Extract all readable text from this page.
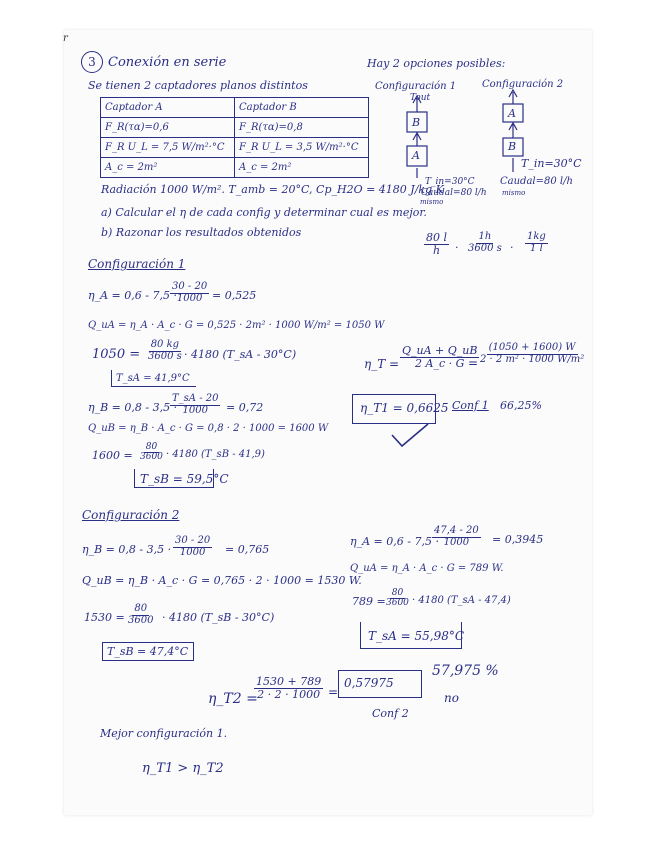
r
3 Conexión en serie
Se tienen 2 captadores planos distintos
Hay 2 opciones posibles:
Configuración 1	Configuración 2
Captador A	Captador B
F_R(τα)=0,6	F_R(τα)=0,8
F_R U_L = 7,5 W/m²·°C	F_R U_L = 3,5 W/m²·°C
A_c = 2m²	A_c = 2m²
Tout
B
A
T_in=30°C
Caudal=80 l/h
mismo
A
B
T_in=30°C
Caudal=80 l/h
mismo
Radiación 1000 W/m². T_amb = 20°C, Cp_H2O = 4180 J/kg K
a) Calcular el η de cada config y determinar cual es mejor.
b) Razonar los resultados obtenidos	$\frac{80 l}{h} \cdot \frac{1h}{3600 s} \cdot \frac{1kg}{1 l}$
Configuración 1
η_A = 0,6 - 7,5 ·
$\frac{30 - 20}{1000} = 0,525$
Q_uA = η_A · A_c · G = 0,525 · 2m² · 1000 W/m² = 1050 W
$1050 = \frac{80 kg}{3600 s} \cdot 4180$ (T_sA - 30°C)
T_sA = 41,9°C
η_B = 0,8 - 3,5 ·
$\frac{T\_sA - 20}{1000} = 0,72$
Q_uB = η_B · A_c · G = 0,8 · 2 · 1000 = 1600 W
$1600 = \frac{80}{3600} \cdot 4180$ (T_sB - 41,9)
T_sB = 59,5°C
η_T = $\frac{Q\_uA + Q\_uB}{2 A\_c \cdot G}$
= $\frac{(1050 + 1600) W}{\text{2 · 2 m² · 1000 W/m²}}$
η_T1 = 0,6625 Conf 1 66,25%
Configuración 2
η_B = $0,8 - 3,5 \cdot \frac{30 - 20}{1000} = 0,765$
Q_uB = η_B · A_c · G = 0,765 · 2 · 1000 = 1530 W.
$1530 = \frac{80}{3600} \cdot 4180$ (T_sB - 30°C)
T_sB = 47,4°C
η_A = 0,6 - 7,5 ·
$\frac{47,4 - 20}{1000} = 0,3945$
Q_uA = η_A · A_c · G = 789 W.
789 =
$\frac{80}{3600} \cdot 4180$ (T_sA - 47,4)
T_sA = 55,98°C
η_T2 =
$\frac{1530 + 789}{2 \cdot 2 \cdot 1000}$ =
0,57975
57,975 %
Conf 2
no
Mejor configuración 1.
η_T1 > η_T2
